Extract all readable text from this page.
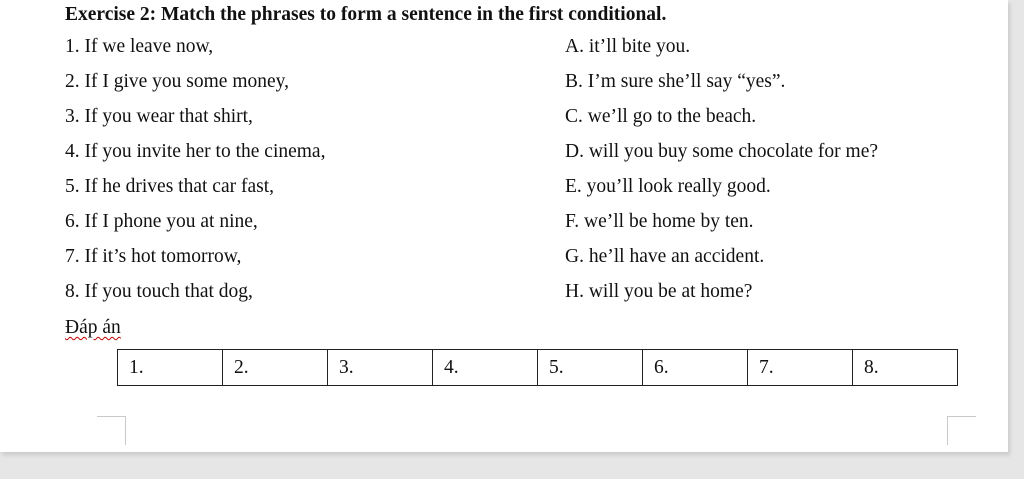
Exercise 2: Match the phrases to form a sentence in the first conditional.
1. If we leave now,	A. it’ll bite you.
2. If I give you some money,	B. I’m sure she’ll say “yes”.
3. If you wear that shirt,	C. we’ll go to the beach.
4. If you invite her to the cinema,	D. will you buy some chocolate for me?
5. If he drives that car fast,	E. you’ll look really good.
6. If I phone you at nine,	F. we’ll be home by ten.
7. If it’s hot tomorrow,	G. he’ll have an accident.
8. If you touch that dog,	H. will you be at home?
Đáp án
1.	2.	3.	4.	5.	6.	7.	8.
